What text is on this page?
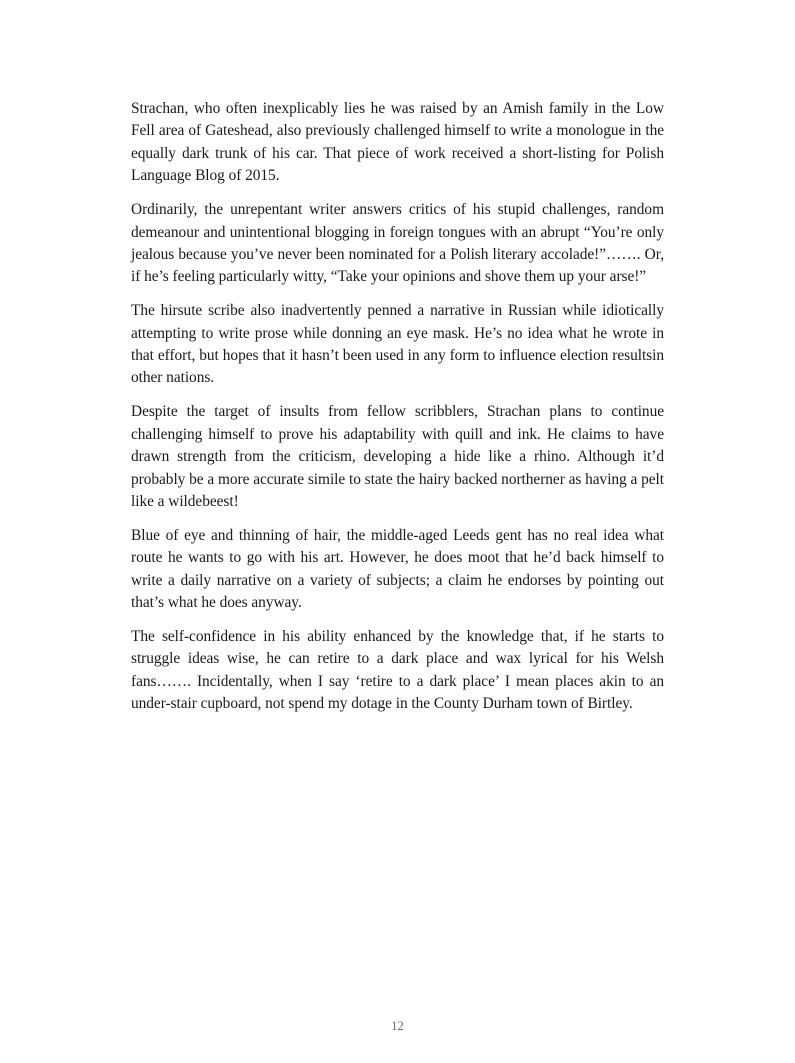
Strachan, who often inexplicably lies he was raised by an Amish family in the Low Fell area of Gateshead, also previously challenged himself to write a monologue in the equally dark trunk of his car. That piece of work received a short-listing for Polish Language Blog of 2015.

Ordinarily, the unrepentant writer answers critics of his stupid challenges, random demeanour and unintentional blogging in foreign tongues with an abrupt “You’re only jealous because you’ve never been nominated for a Polish literary accolade!”……. Or, if he’s feeling particularly witty, “Take your opinions and shove them up your arse!”

The hirsute scribe also inadvertently penned a narrative in Russian while idiotically attempting to write prose while donning an eye mask. He’s no idea what he wrote in that effort, but hopes that it hasn’t been used in any form to influence election resultsin other nations.

Despite the target of insults from fellow scribblers, Strachan plans to continue challenging himself to prove his adaptability with quill and ink. He claims to have drawn strength from the criticism, developing a hide like a rhino. Although it’d probably be a more accurate simile to state the hairy backed northerner as having a pelt like a wildebeest!

Blue of eye and thinning of hair, the middle-aged Leeds gent has no real idea what route he wants to go with his art. However, he does moot that he’d back himself to write a daily narrative on a variety of subjects; a claim he endorses by pointing out that’s what he does anyway.

The self-confidence in his ability enhanced by the knowledge that, if he starts to struggle ideas wise, he can retire to a dark place and wax lyrical for his Welsh fans……. Incidentally, when I say ‘retire to a dark place’ I mean places akin to an under-stair cupboard, not spend my dotage in the County Durham town of Birtley.

12
